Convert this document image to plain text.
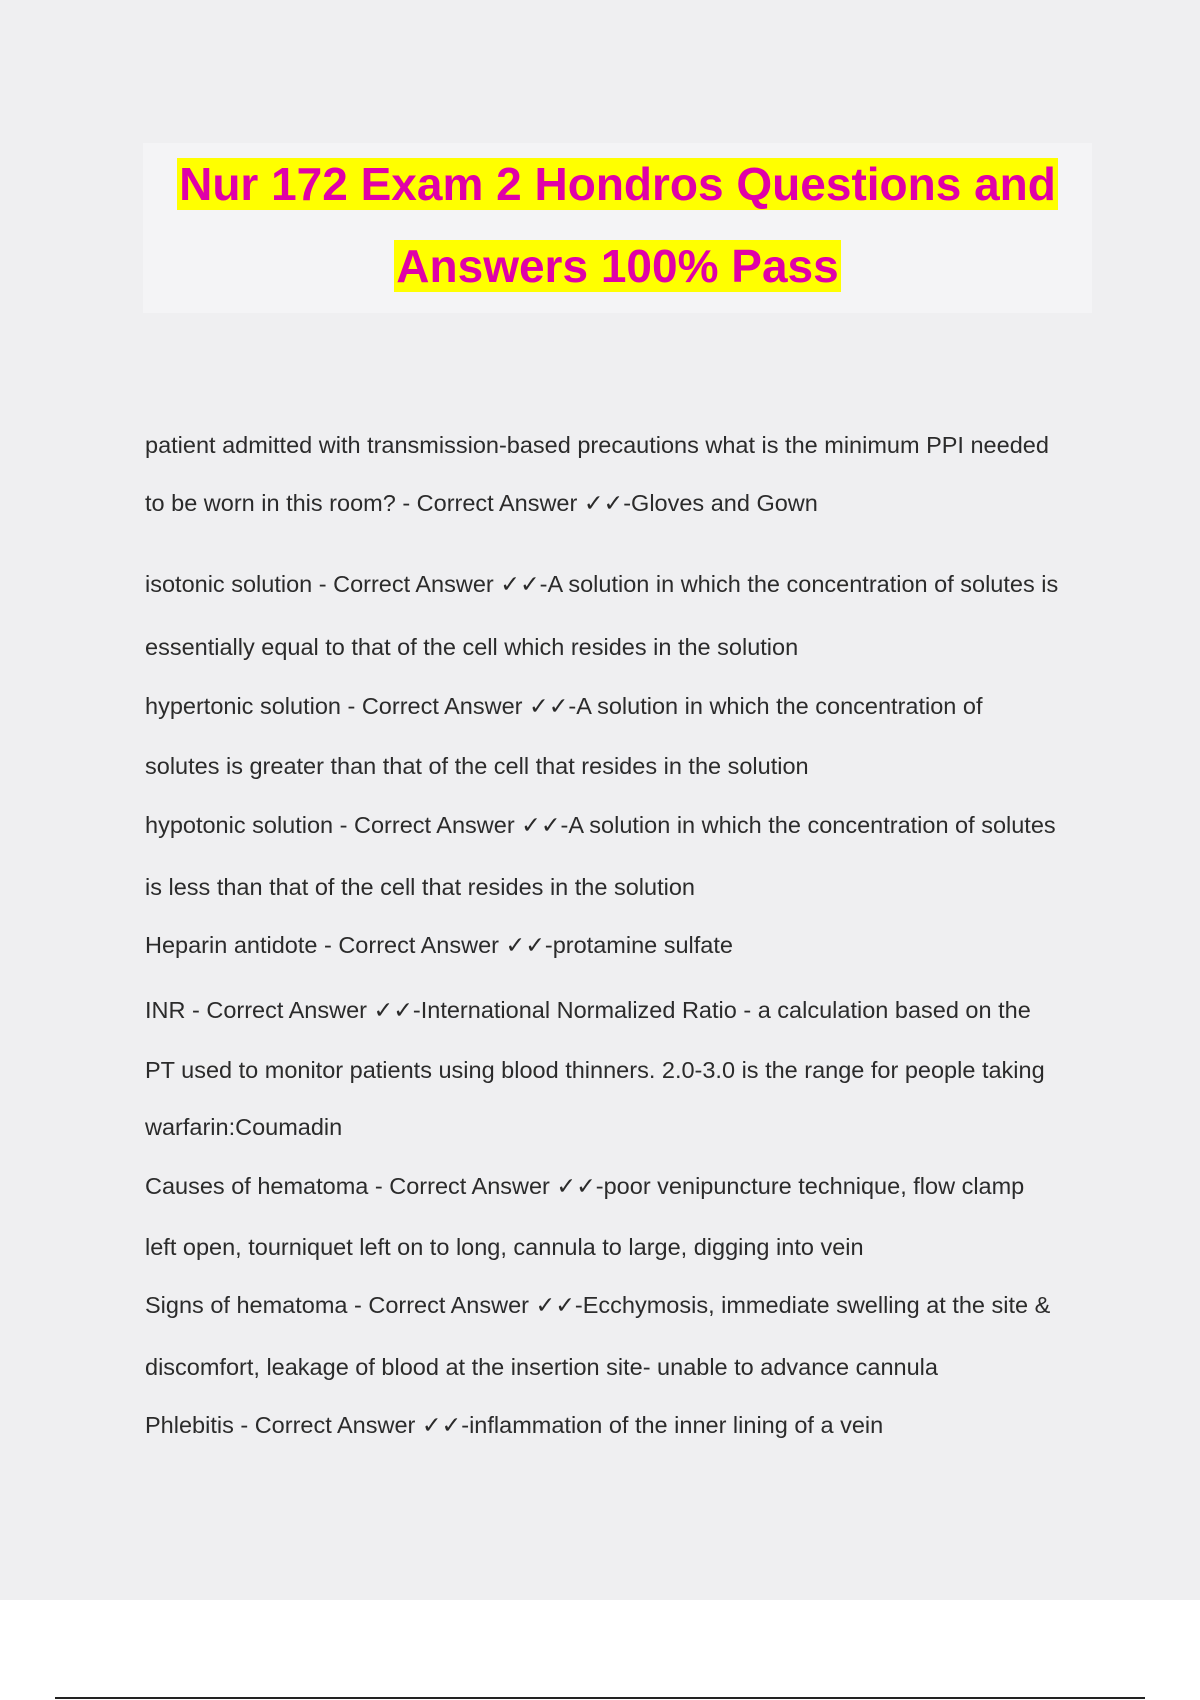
Nur 172 Exam 2 Hondros Questions and
Answers 100% Pass
patient admitted with transmission-based precautions what is the minimum PPI needed
to be worn in this room? - Correct Answer ✓✓-Gloves and Gown
isotonic solution - Correct Answer ✓✓-A solution in which the concentration of solutes is
essentially equal to that of the cell which resides in the solution
hypertonic solution - Correct Answer ✓✓-A solution in which the concentration of
solutes is greater than that of the cell that resides in the solution
hypotonic solution - Correct Answer ✓✓-A solution in which the concentration of solutes
is less than that of the cell that resides in the solution
Heparin antidote - Correct Answer ✓✓-protamine sulfate
INR - Correct Answer ✓✓-International Normalized Ratio - a calculation based on the
PT used to monitor patients using blood thinners. 2.0-3.0 is the range for people taking
warfarin:Coumadin
Causes of hematoma - Correct Answer ✓✓-poor venipuncture technique, flow clamp
left open, tourniquet left on to long, cannula to large, digging into vein
Signs of hematoma - Correct Answer ✓✓-Ecchymosis, immediate swelling at the site &
discomfort, leakage of blood at the insertion site- unable to advance cannula
Phlebitis - Correct Answer ✓✓-inflammation of the inner lining of a vein
